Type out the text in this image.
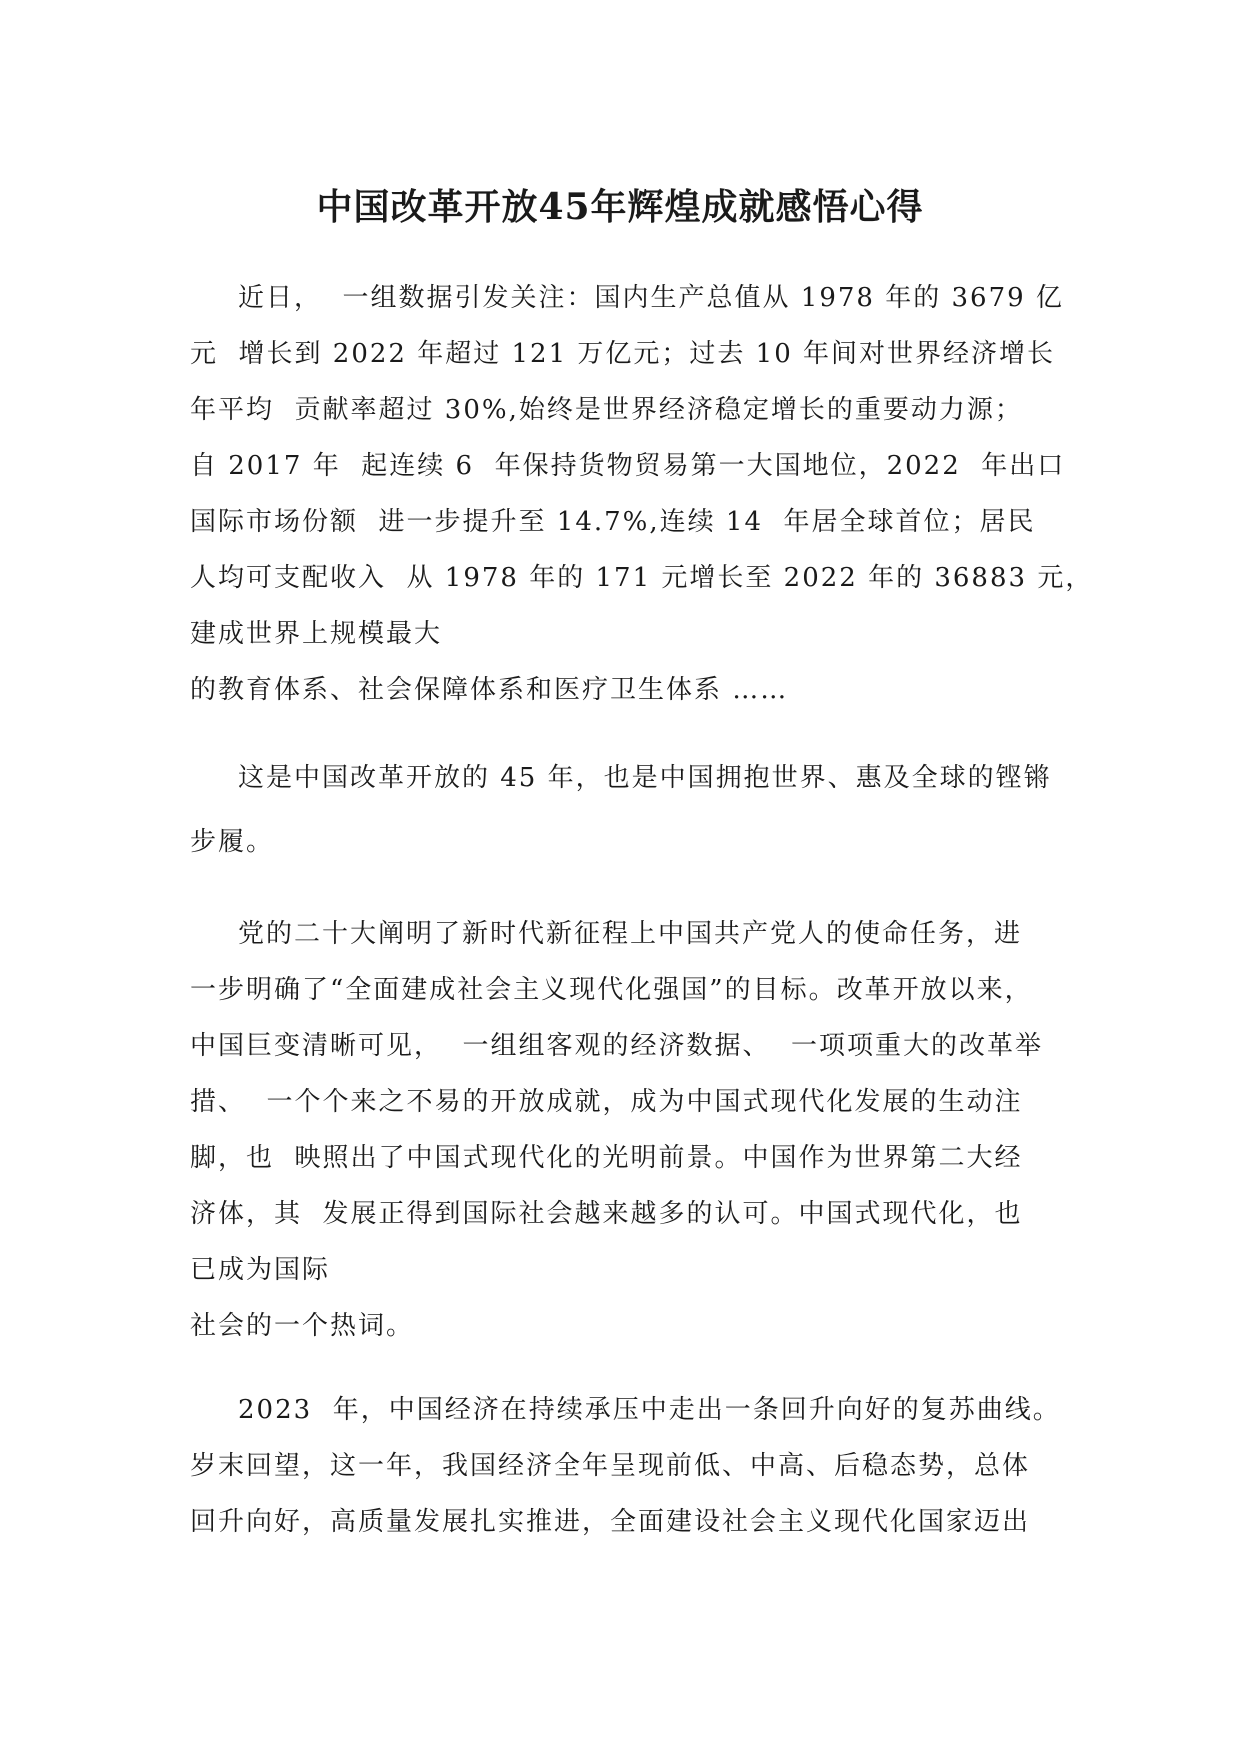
中国改革开放45年辉煌成就感悟心得
近日，  一组数据引发关注：国内生产总值从 1978 年的 3679 亿
元  增长到 2022 年超过 121 万亿元；过去 10 年间对世界经济增长
年平均  贡献率超过 30%,始终是世界经济稳定增长的重要动力源；
自 2017 年  起连续 6  年保持货物贸易第一大国地位，2022  年出口
国际市场份额  进一步提升至 14.7%,连续 14  年居全球首位；居民
人均可支配收入  从 1978 年的 171 元增长至 2022 年的 36883 元，
建成世界上规模最大
的教育体系、社会保障体系和医疗卫生体系 ……
这是中国改革开放的 45 年，也是中国拥抱世界、惠及全球的铿锵
步履。
党的二十大阐明了新时代新征程上中国共产党人的使命任务，进
一步明确了“全面建成社会主义现代化强国”的目标。改革开放以来，
中国巨变清晰可见，  一组组客观的经济数据、  一项项重大的改革举
措、  一个个来之不易的开放成就，成为中国式现代化发展的生动注
脚，也  映照出了中国式现代化的光明前景。中国作为世界第二大经
济体，其  发展正得到国际社会越来越多的认可。中国式现代化，也
已成为国际
社会的一个热词。
2023  年，中国经济在持续承压中走出一条回升向好的复苏曲线。
岁末回望，这一年，我国经济全年呈现前低、中高、后稳态势，总体
回升向好，高质量发展扎实推进，全面建设社会主义现代化国家迈出
